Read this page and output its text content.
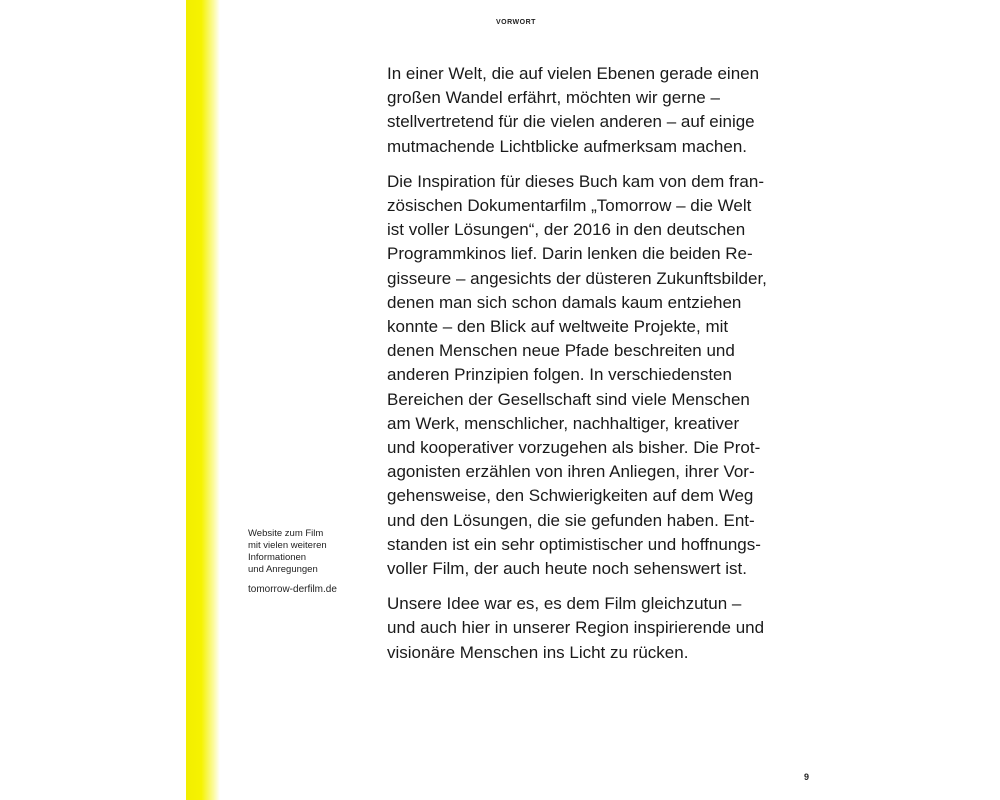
VORWORT
Website zum Film
mit vielen weiteren
Informationen
und Anregungen
tomorrow-derfilm.de

In einer Welt, die auf vielen Ebenen gerade einen
großen Wandel erfährt, möchten wir gerne –
stellvertretend für die vielen anderen – auf einige
mutmachende Lichtblicke aufmerksam machen.

Die Inspiration für dieses Buch kam von dem fran-
zösischen Dokumentarfilm „Tomorrow – die Welt
ist voller Lösungen“, der 2016 in den deutschen
Programmkinos lief. Darin lenken die beiden Re-
gisseure – angesichts der düsteren Zukunftsbilder,
denen man sich schon damals kaum entziehen
konnte – den Blick auf weltweite Projekte, mit
denen Menschen neue Pfade beschreiten und
anderen Prinzipien folgen. In verschiedensten
Bereichen der Gesellschaft sind viele Menschen
am Werk, menschlicher, nachhaltiger, kreativer
und kooperativer vorzugehen als bisher. Die Prot-
agonisten erzählen von ihren Anliegen, ihrer Vor-
gehensweise, den Schwierigkeiten auf dem Weg
und den Lösungen, die sie gefunden haben. Ent-
standen ist ein sehr optimistischer und hoffnungs-
voller Film, der auch heute noch sehenswert ist.

Unsere Idee war es, es dem Film gleichzutun –
und auch hier in unserer Region inspirierende und
visionäre Menschen ins Licht zu rücken.

9
